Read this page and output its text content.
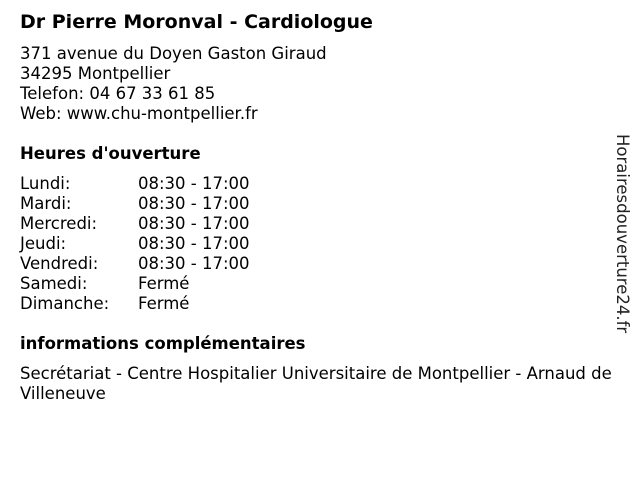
Dr Pierre Moronval - Cardiologue
371 avenue du Doyen Gaston Giraud
34295 Montpellier
Telefon: 04 67 33 61 85
Web: www.chu-montpellier.fr
Heures d'ouverture
Lundi:	08:30 - 17:00
Mardi:	08:30 - 17:00
Mercredi: 08:30 - 17:00
Jeudi:	08:30 - 17:00
Vendredi: 08:30 - 17:00
Samedi:	Fermé
Dimanche: Fermé
informations complémentaires
Secrétariat - Centre Hospitalier Universitaire de Montpellier - Arnaud de Villeneuve
Horairesdouverture24.fr
